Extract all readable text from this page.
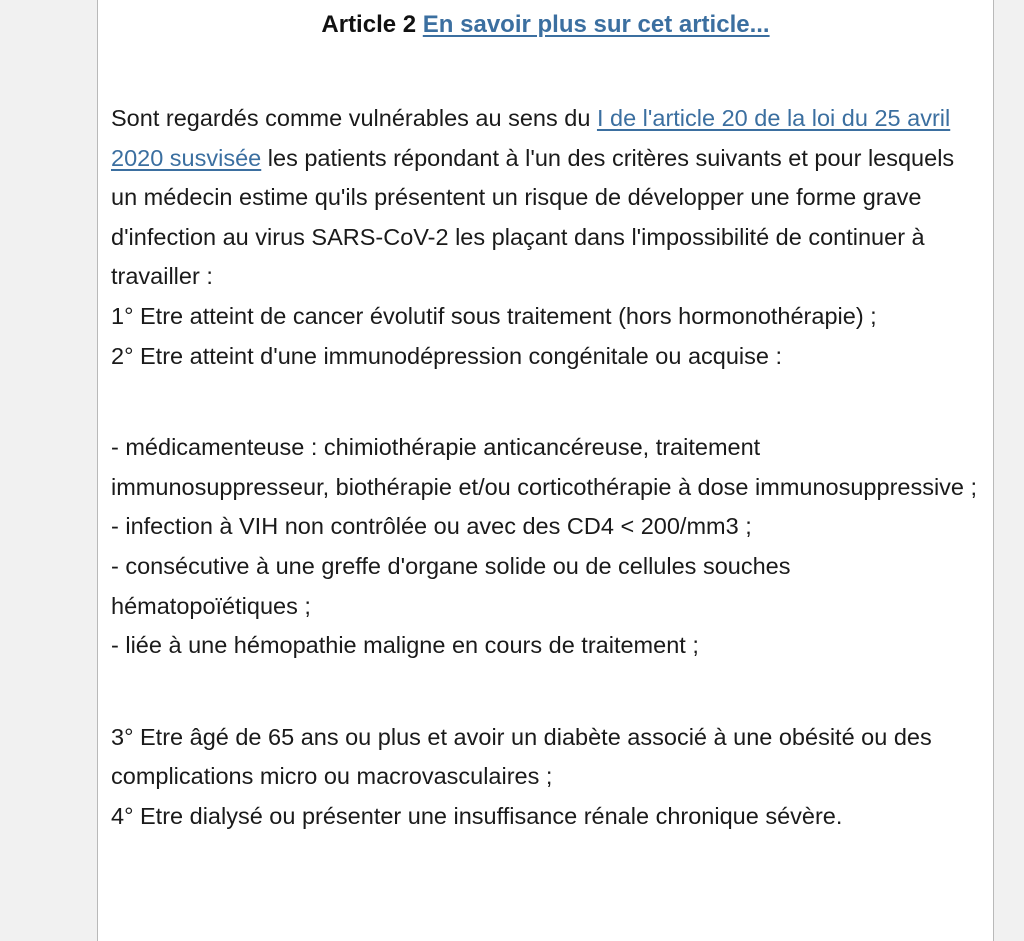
Article 2 En savoir plus sur cet article...

Sont regardés comme vulnérables au sens du I de l'article 20 de la loi du 25 avril 2020 susvisée les patients répondant à l'un des critères suivants et pour lesquels un médecin estime qu'ils présentent un risque de développer une forme grave d'infection au virus SARS-CoV-2 les plaçant dans l'impossibilité de continuer à travailler :

1° Etre atteint de cancer évolutif sous traitement (hors hormonothérapie) ;

2° Etre atteint d'une immunodépression congénitale ou acquise :

- médicamenteuse : chimiothérapie anticancéreuse, traitement immunosuppresseur, biothérapie et/ou corticothérapie à dose immunosuppressive ;

- infection à VIH non contrôlée ou avec des CD4 < 200/mm3 ;

- consécutive à une greffe d'organe solide ou de cellules souches hématopoïétiques ;

- liée à une hémopathie maligne en cours de traitement ;

3° Etre âgé de 65 ans ou plus et avoir un diabète associé à une obésité ou des complications micro ou macrovasculaires ;

4° Etre dialysé ou présenter une insuffisance rénale chronique sévère.
